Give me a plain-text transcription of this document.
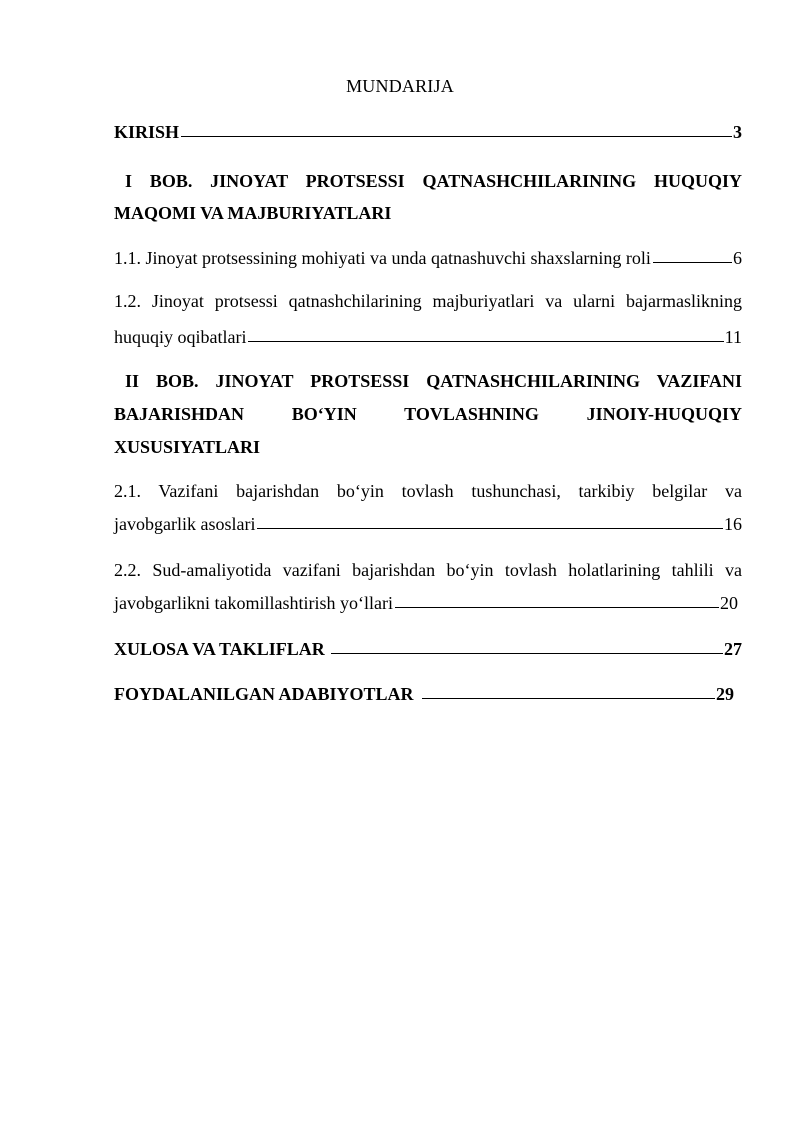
MUNDARIJA
KIRISH	3
I BOB. JINOYAT PROTSESSI QATNASHCHILARINING HUQUQIY
MAQOMI VA MAJBURIYATLARI
1.1. Jinoyat protsessining mohiyati va unda qatnashuvchi shaxslarning roli	6
1.2. Jinoyat protsessi qatnashchilarining majburiyatlari va ularni bajarmaslikning
huquqiy oqibatlari	11
II BOB. JINOYAT PROTSESSI QATNASHCHILARINING VAZIFANI
BAJARISHDAN BO‘YIN TOVLASHNING JINOIY-HUQUQIY
XUSUSIYATLARI
2.1. Vazifani bajarishdan bo‘yin tovlash tushunchasi, tarkibiy belgilar va
javobgarlik asoslari	16
2.2. Sud-amaliyotida vazifani bajarishdan bo‘yin tovlash holatlarining tahlili va
javobgarlikni takomillashtirish yo‘llari	20
XULOSA VA TAKLIFLAR	27
FOYDALANILGAN ADABIYOTLAR	29
